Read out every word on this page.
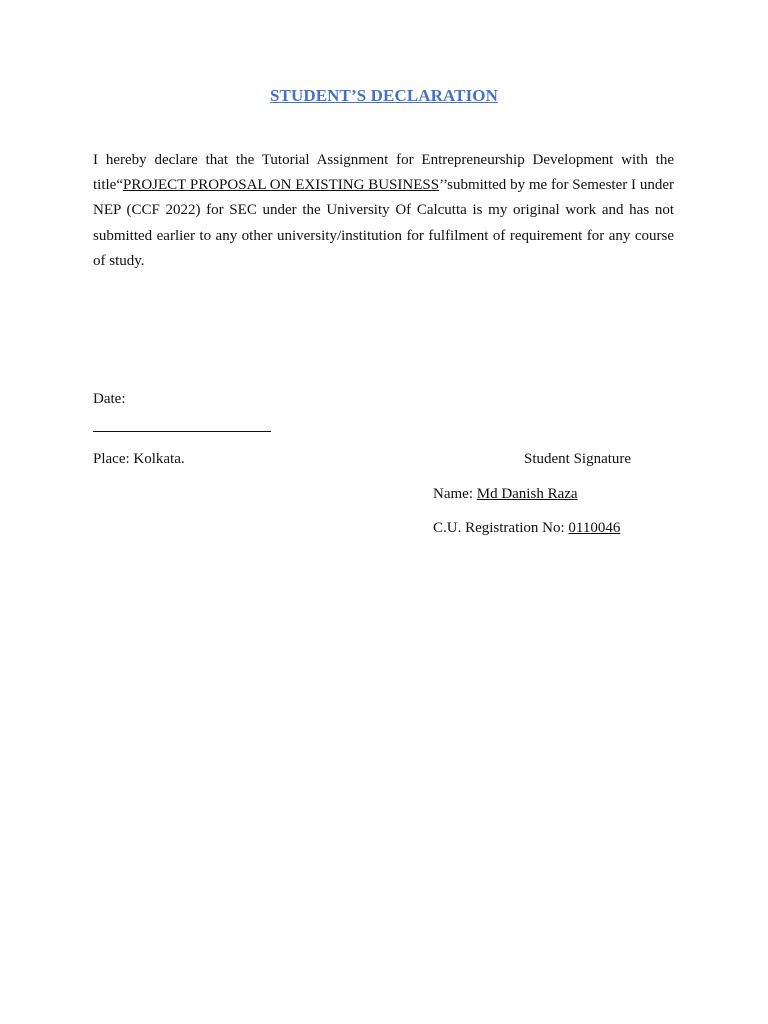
STUDENT’S DECLARATION

I hereby declare that the Tutorial Assignment for Entrepreneurship Development with the title“PROJECT PROPOSAL ON EXISTING BUSINESS’’submitted by me for Semester I under NEP (CCF 2022) for SEC under the University Of Calcutta is my original work and has not submitted earlier to any other university/institution for fulfilment of requirement for any course of study.

Date:
Place: Kolkata.	Student Signature
Name: Md Danish Raza
C.U. Registration No: 0110046
